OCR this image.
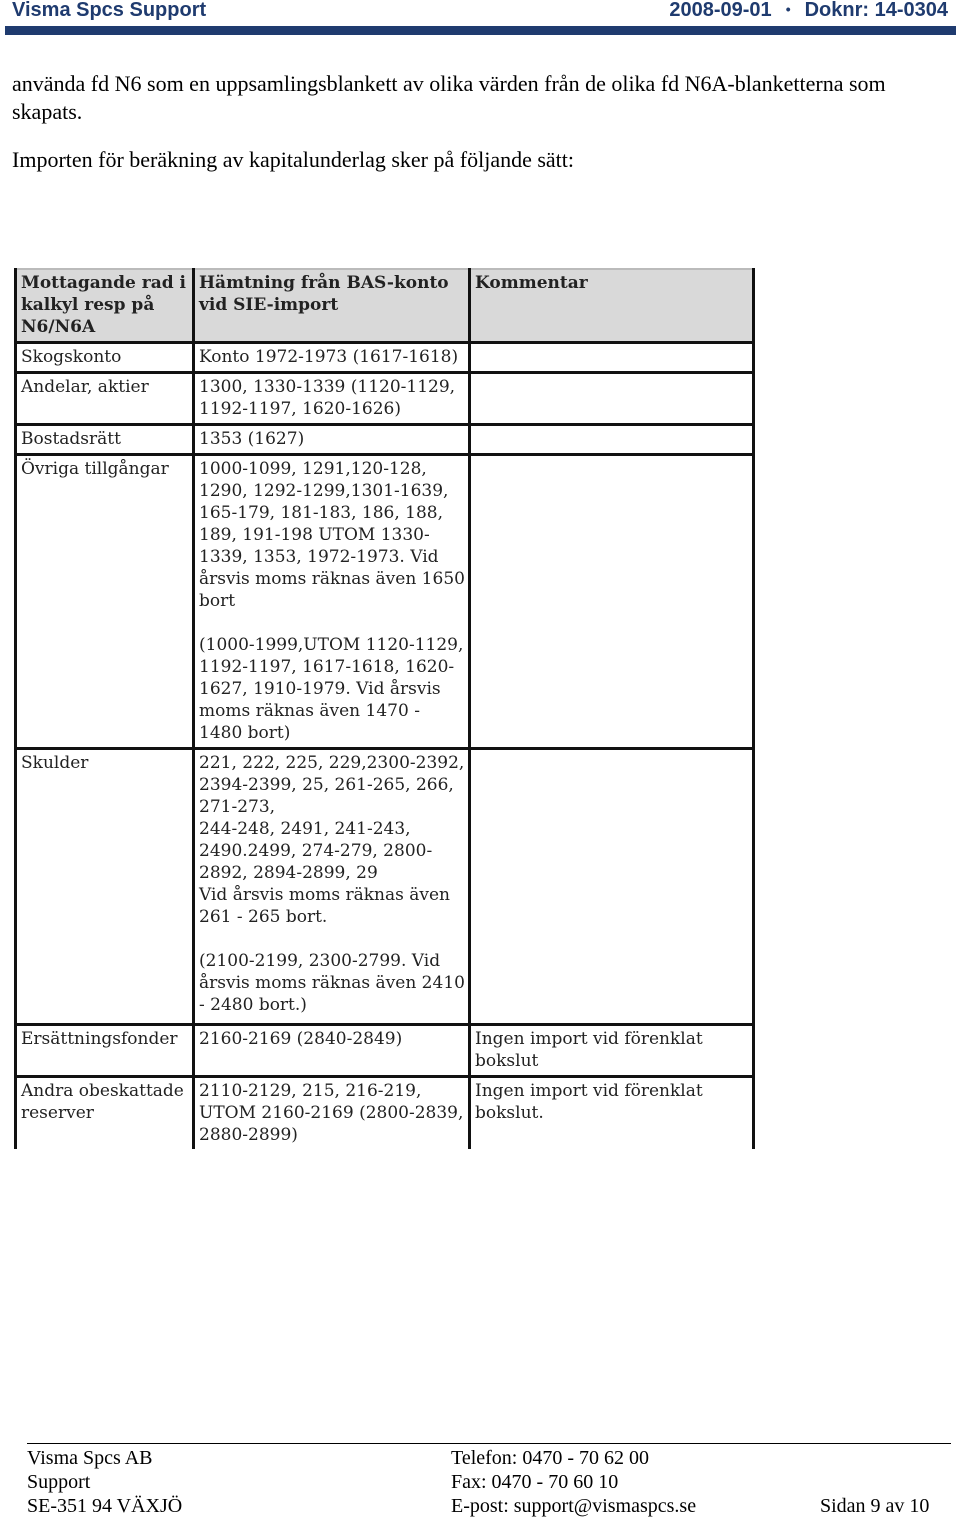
Visma Spcs Support	2008-09-01 • Doknr: 14-0304
använda fd N6 som en uppsamlingsblankett av olika värden från de olika fd N6A-blanketterna som skapats.
Importen för beräkning av kapitalunderlag sker på följande sätt:
Mottagande rad i kalkyl resp på N6/N6A	Hämtning från BAS-konto vid SIE-import	Kommentar
Skogskonto	Konto 1972-1973 (1617-1618)	

Andelar, aktier	1300, 1330-1339 (1120-1129, 1192-1197, 1620-1626)	

Bostadsrätt	1353 (1627)	

Övriga tillgångar	1000-1099, 1291,120-128, 1290, 1292-1299,1301-1639, 165-179, 181-183, 186, 188, 189, 191-198 UTOM 1330-1339, 1353, 1972-1973. Vid årsvis moms räknas även 1650 bort
(1000-1999,UTOM 1120-1129, 1192-1197, 1617-1618, 1620-1627, 1910-1979. Vid årsvis moms räknas även 1470 - 1480 bort)	

Skulder	221, 222, 225, 229,2300-2392, 2394-2399, 25, 261-265, 266, 271-273,
244-248, 2491, 241-243, 2490.2499, 274-279, 2800-2892, 2894-2899, 29
Vid årsvis moms räknas även 261 - 265 bort.
(2100-2199, 2300-2799. Vid årsvis moms räknas även 2410 - 2480 bort.)	

Ersättningsfonder	2160-2169 (2840-2849)	Ingen import vid förenklat bokslut
Andra obeskattade reserver	2110-2129, 215, 216-219, UTOM 2160-2169 (2800-2839, 2880-2899)	Ingen import vid förenklat bokslut.
Visma Spcs AB
Support
SE-351 94 VÄXJÖ
Telefon: 0470 - 70 62 00
Fax: 0470 - 70 60 10
E-post: support@vismaspcs.se	Sidan 9 av 10
